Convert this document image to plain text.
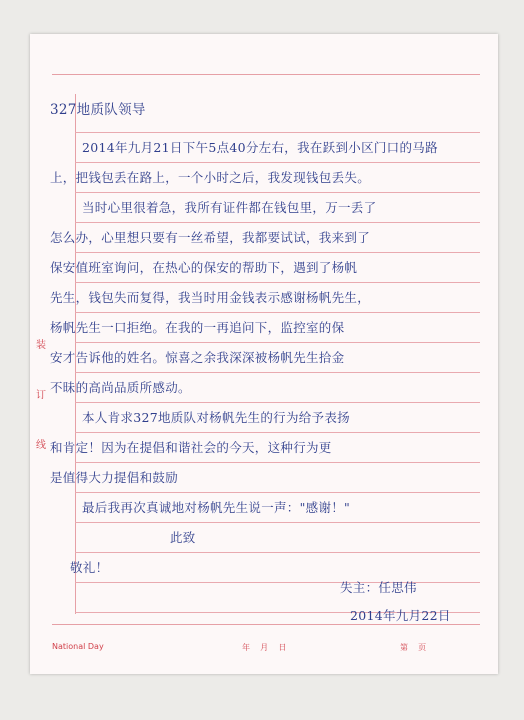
装
订
线
327地质队领导
2014年九月21日下午5点40分左右，我在跃到小区门口的马路
上，把钱包丢在路上，一个小时之后，我发现钱包丢失。
当时心里很着急，我所有证件都在钱包里，万一丢了
怎么办，心里想只要有一丝希望，我都要试试，我来到了
保安值班室询问，在热心的保安的帮助下，遇到了杨帆
先生，钱包失而复得，我当时用金钱表示感谢杨帆先生，
杨帆先生一口拒绝。在我的一再追问下，监控室的保
安才告诉他的姓名。惊喜之余我深深被杨帆先生拾金
不昧的高尚品质所感动。
本人肯求327地质队对杨帆先生的行为给予表扬
和肯定！因为在提倡和谐社会的今天，这种行为更
是值得大力提倡和鼓励
最后我再次真诚地对杨帆先生说一声："感谢！"
此致
敬礼！
失主：任思伟
2014年九月22日
National Day	年    月    日	第    页
